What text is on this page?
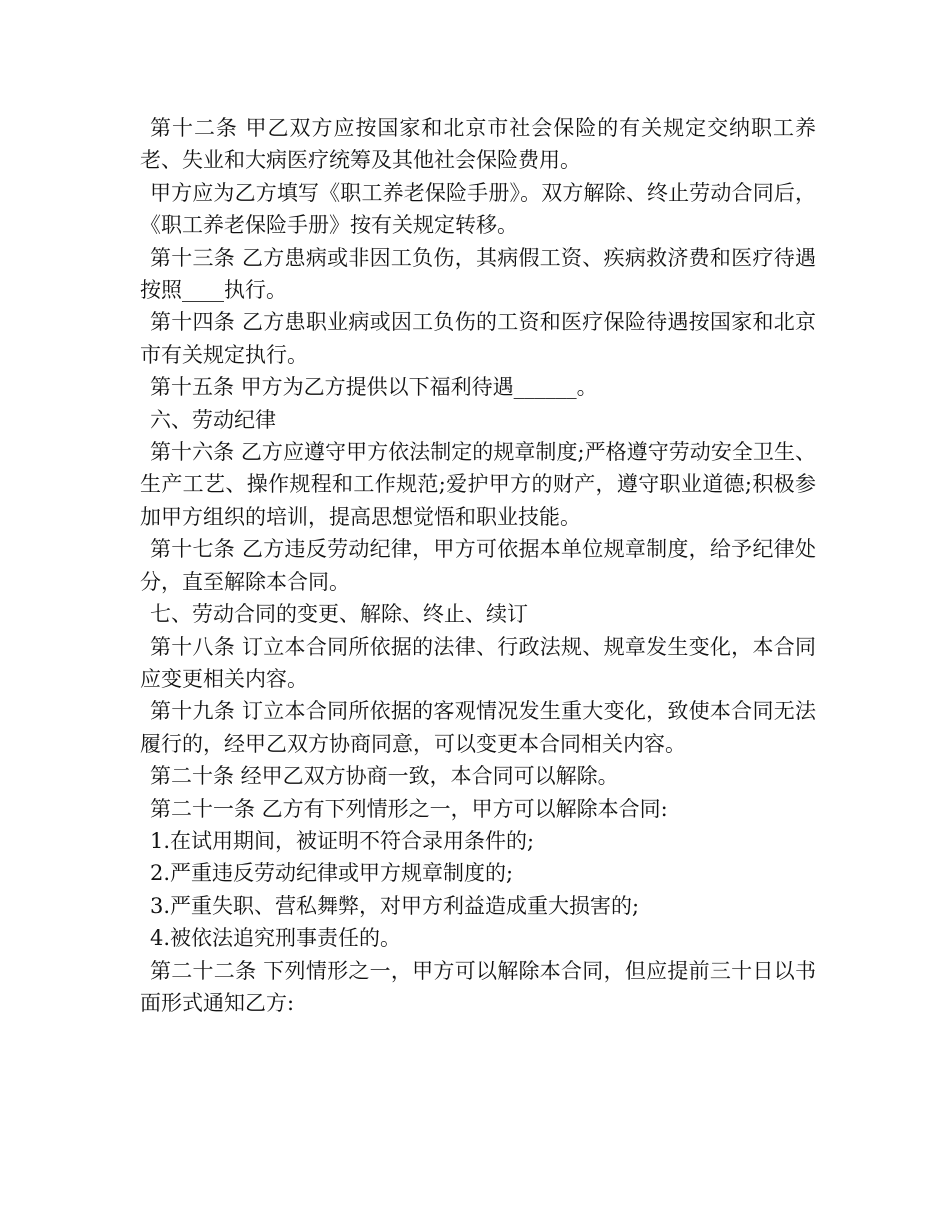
第十二条 甲乙双方应按国家和北京市社会保险的有关规定交纳职工养老、失业和大病医疗统筹及其他社会保险费用。

甲方应为乙方填写《职工养老保险手册》。双方解除、终止劳动合同后，《职工养老保险手册》按有关规定转移。

第十三条 乙方患病或非因工负伤，其病假工资、疾病救济费和医疗待遇按照____执行。

第十四条 乙方患职业病或因工负伤的工资和医疗保险待遇按国家和北京市有关规定执行。

第十五条 甲方为乙方提供以下福利待遇______。

六、劳动纪律

第十六条 乙方应遵守甲方依法制定的规章制度;严格遵守劳动安全卫生、生产工艺、操作规程和工作规范;爱护甲方的财产，遵守职业道德;积极参加甲方组织的培训，提高思想觉悟和职业技能。

第十七条 乙方违反劳动纪律，甲方可依据本单位规章制度，给予纪律处分，直至解除本合同。

七、劳动合同的变更、解除、终止、续订

第十八条 订立本合同所依据的法律、行政法规、规章发生变化，本合同应变更相关内容。

第十九条 订立本合同所依据的客观情况发生重大变化，致使本合同无法履行的，经甲乙双方协商同意，可以变更本合同相关内容。

第二十条 经甲乙双方协商一致，本合同可以解除。

第二十一条 乙方有下列情形之一，甲方可以解除本合同:

1.在试用期间，被证明不符合录用条件的;

2.严重违反劳动纪律或甲方规章制度的;

3.严重失职、营私舞弊，对甲方利益造成重大损害的;

4.被依法追究刑事责任的。

第二十二条 下列情形之一，甲方可以解除本合同，但应提前三十日以书面形式通知乙方:
